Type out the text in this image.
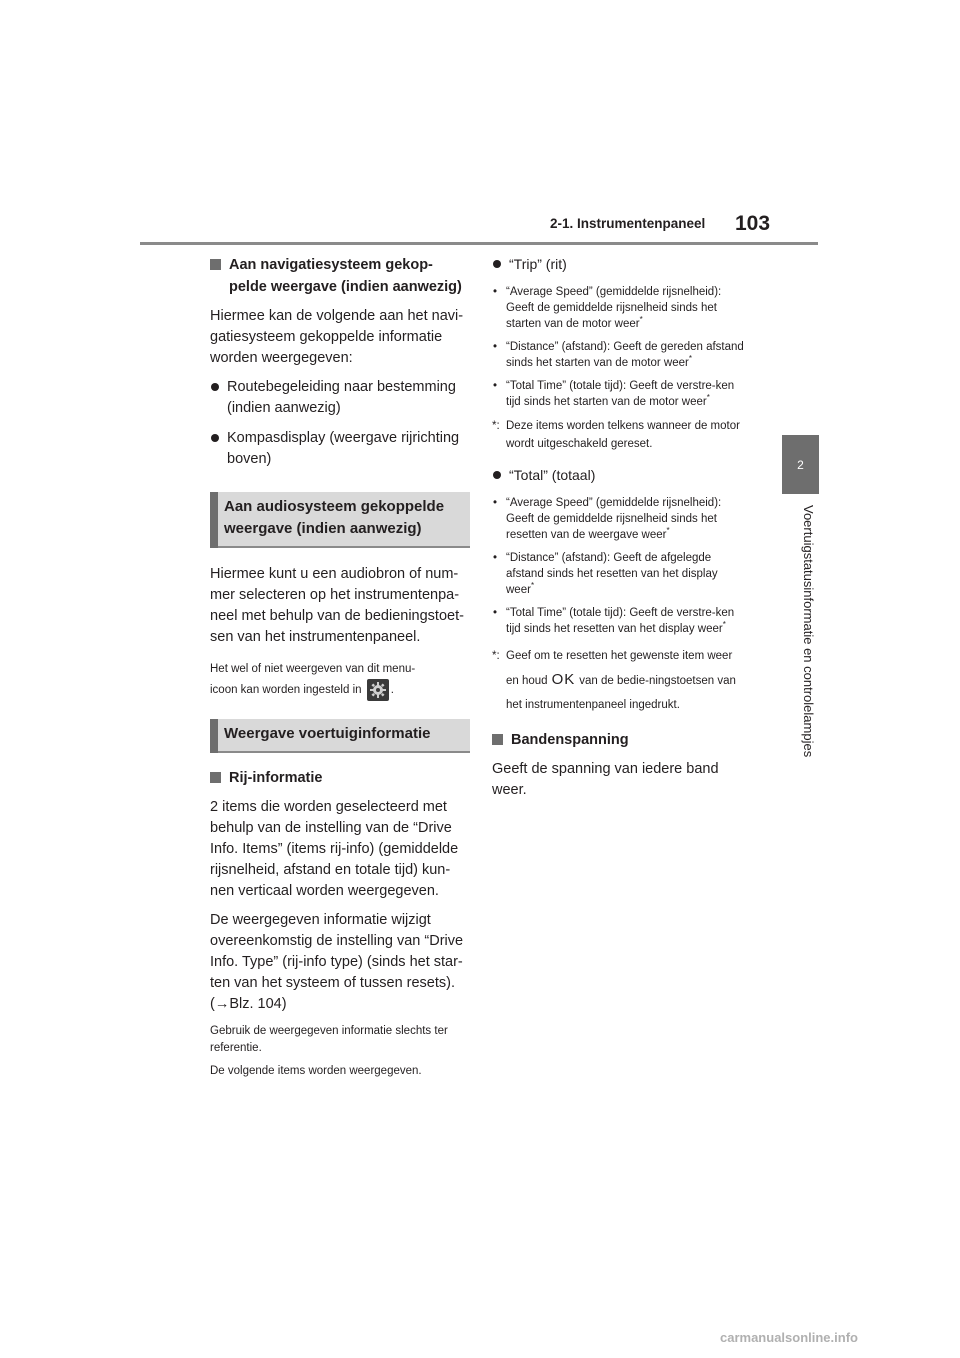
2-1. Instrumentenpaneel 103
2
Voertuigstatusinformatie en controlelampjes
Aan navigatiesysteem gekop-
pelde weergave (indien aanwezig)

Hiermee kan de volgende aan het navi-gatiesysteem gekoppelde informatie worden weergegeven:

Routebegeleiding naar bestemming (indien aanwezig)
Kompasdisplay (weergave rijrichting boven)
Aan audiosysteem gekoppelde weergave (indien aanwezig)

Hiermee kunt u een audiobron of num-mer selecteren op het instrumentenpa-neel met behulp van de bedieningstoet-sen van het instrumentenpaneel.

Het wel of niet weergeven van dit menu-
icoon kan worden ingesteld in	.

Weergave voertuiginformatie
Rij-informatie

2 items die worden geselecteerd met behulp van de instelling van de “Drive Info. Items” (items rij-info) (gemiddelde rijsnelheid, afstand en totale tijd) kun-nen verticaal worden weergegeven.

De weergegeven informatie wijzigt overeenkomstig de instelling van “Drive Info. Type” (rij-info type) (sinds het star-ten van het systeem of tussen resets). (→Blz. 104)

Gebruik de weergegeven informatie slechts ter referentie.

De volgende items worden weergegeven.

“Trip” (rit)
• “Average Speed” (gemiddelde rijsnelheid): Geeft de gemiddelde rijsnelheid sinds het starten van de motor weer*
• “Distance” (afstand): Geeft de gereden afstand sinds het starten van de motor weer*
• “Total Time” (totale tijd): Geeft de verstre-ken tijd sinds het starten van de motor weer*
*: Deze items worden telkens wanneer de motor wordt uitgeschakeld gereset.
“Total” (totaal)
• “Average Speed” (gemiddelde rijsnelheid): Geeft de gemiddelde rijsnelheid sinds het resetten van de weergave weer*
• “Distance” (afstand): Geeft de afgelegde afstand sinds het resetten van het display weer*
• “Total Time” (totale tijd): Geeft de verstre-ken tijd sinds het resetten van het display weer*
*: Geef om te resetten het gewenste item weer en houd OK van de bedie-ningstoetsen van het instrumentenpaneel ingedrukt.
Bandenspanning

Geeft de spanning van iedere band weer.

carmanualsonline.info
